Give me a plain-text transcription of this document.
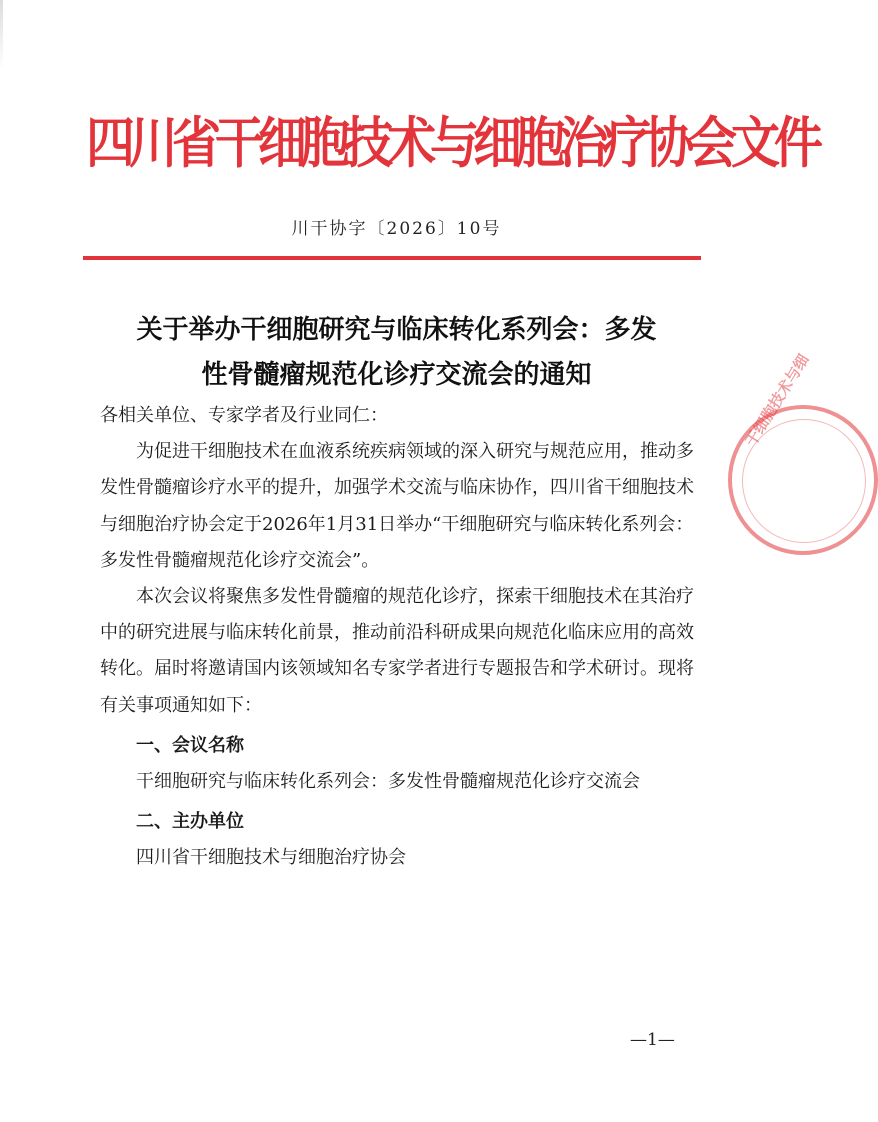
四川省干细胞技术与细胞治疗协会文件
川干协字〔2026〕10号
关于举办干细胞研究与临床转化系列会：多发
性骨髓瘤规范化诊疗交流会的通知

各相关单位、专家学者及行业同仁：

为促进干细胞技术在血液系统疾病领域的深入研究与规范应用，推动多发性骨髓瘤诊疗水平的提升，加强学术交流与临床协作，四川省干细胞技术与细胞治疗协会定于2026年1月31日举办“干细胞研究与临床转化系列会：多发性骨髓瘤规范化诊疗交流会”。

本次会议将聚焦多发性骨髓瘤的规范化诊疗，探索干细胞技术在其治疗中的研究进展与临床转化前景，推动前沿科研成果向规范化临床应用的高效转化。届时将邀请国内该领域知名专家学者进行专题报告和学术研讨。现将有关事项通知如下：

一、会议名称

干细胞研究与临床转化系列会：多发性骨髓瘤规范化诊疗交流会

二、主办单位

四川省干细胞技术与细胞治疗协会

—1—
干细胞技术与细
